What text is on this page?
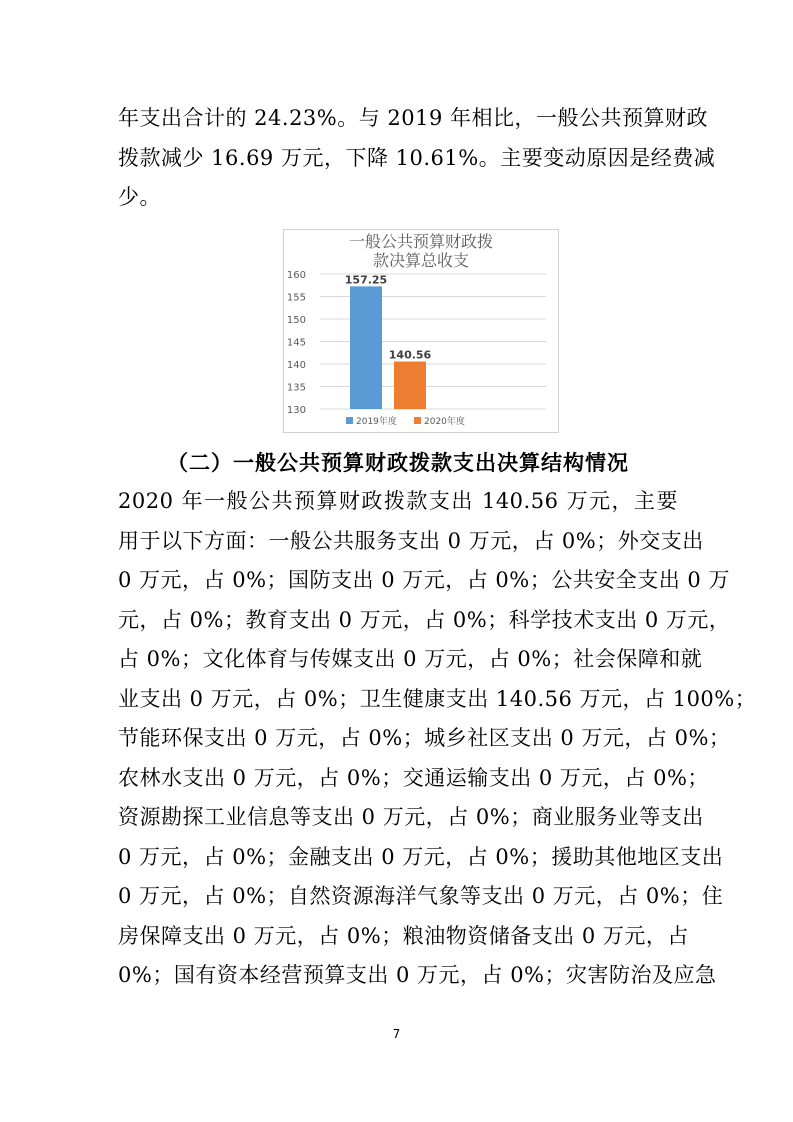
年支出合计的 24.23%。与 2019 年相比，一般公共预算财政
拨款减少 16.69 万元，下降 10.61%。主要变动原因是经费减
少。
一般公共预算财政拨
款决算总收支
130
135
140
145
150
155
160	157.25
140.56
2019年度	2020年度
（二）一般公共预算财政拨款支出决算结构情况
2020 年一般公共预算财政拨款支出 140.56 万元，主要
用于以下方面：一般公共服务支出 0 万元，占 0%；外交支出
0 万元，占 0%；国防支出 0 万元，占 0%；公共安全支出 0 万
元，占 0%；教育支出 0 万元，占 0%；科学技术支出 0 万元，
占 0%；文化体育与传媒支出 0 万元，占 0%；社会保障和就
业支出 0 万元，占 0%；卫生健康支出 140.56 万元，占 100%；
节能环保支出 0 万元，占 0%；城乡社区支出 0 万元，占 0%；
农林水支出 0 万元，占 0%；交通运输支出 0 万元，占 0%；
资源勘探工业信息等支出 0 万元，占 0%；商业服务业等支出
0 万元，占 0%；金融支出 0 万元，占 0%；援助其他地区支出
0 万元，占 0%；自然资源海洋气象等支出 0 万元，占 0%；住
房保障支出 0 万元，占 0%；粮油物资储备支出 0 万元，占
0%；国有资本经营预算支出 0 万元，占 0%；灾害防治及应急
7
